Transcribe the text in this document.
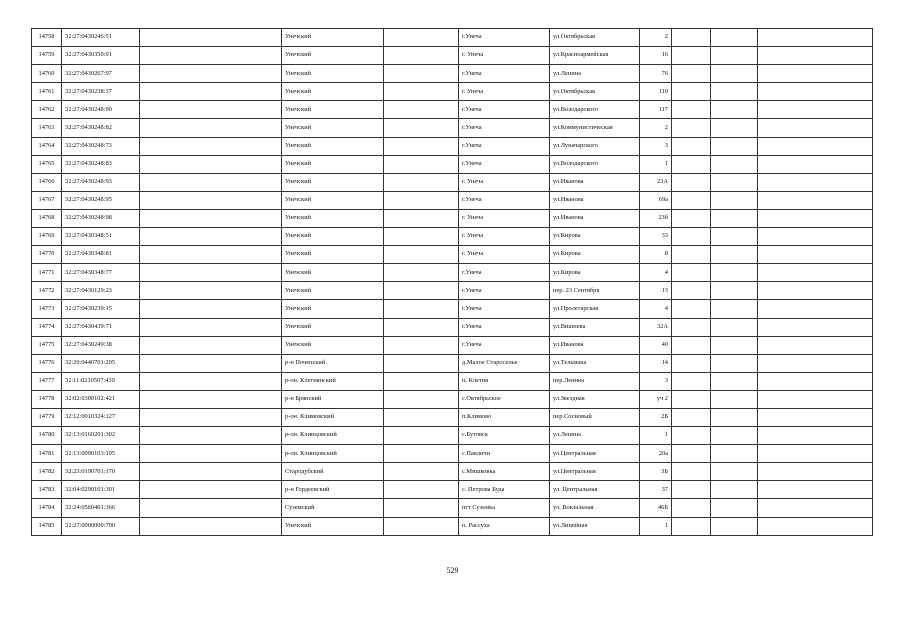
14758	32:27:0430246:51		Унечский		г.Унеча	ул.Октябрьская	2			
14759	32:27:0430350:91		Унечский		г. Унеча	ул.Красноармейская	16			
14760	32:27:0430267:97		Унечский		г.Унеча	ул.Ленина	76			
14761	32:27:0430238:37		Унечский		г. Унеча	ул.Октябрьская	110			
14762	32:27:0430248:90		Унечский		г.Унеча	ул.Володарского	117			
14763	32:27:0430248:82		Унечский		г.Унеча	ул.Коммунистическая	2			
14764	32:27:0430248:73		Унечский		г.Унеча	ул.Луначарского	3			
14765	32:27:0430248:83		Унечский		г.Унеча	ул.Володарского	1			
14766	32:27:0430248:93		Унечский		г. Унеча	ул.Иванова	23А			
14767	32:27:0430248:95		Унечский		г.Унеча	ул.Иванова	69а			
14768	32:27:0430248:98		Унечский		г. Унеча	ул.Иванова	23б			
14769	32:27:0430348:51		Унечский		г. Унеча	ул.Кирова	33			
14770	32:27:0430348:81		Унечский		г. Унеча	ул.Кирова	8			
14771	32:27:0430348:77		Унечский		г.Унеча	ул.Кирова	4			
14772	32:27:0430129:23		Унечский		г.Унеча	пер. 23 Сентября	13			
14773	32:27:0430239:15		Унечский		г.Унеча	ул.Пролетарская	4			
14774	32:27:0430439:71		Унечский		г.Унеча	ул.Вишнева	32А			
14775	32:27:0430249:38		Унечский		г.Унеча	ул.Иванова	40			
14776	32:20:0440701:205		р-н Почепский		д.Малое Староселье	ул.Тельмана	14			
14777	32:11:0210507:439		р-он. Клетнянский		п. Клетня	пер.Ленина	3			
14778	32:02:0300102:421		р-н Брянский		с.Октябрьское	ул.Звездная	уч 2			
14779	32:12:0010324:127		р-он. Климовский		п.Климово	пер.Сосновый	2Б			
14780	32:13:0160201:302		р-он. Клинцовский		с.Бутовск	ул.Ленина	1			
14781	32:13:0090103:195		р-он. Клинцовский		с.Павличи	ул.Центральная	20а			
14782	32:23:0190701:170		Стародубский		с.Мишковка	ул.Центральная	3Б			
14783	32:04:0290101:301		р-н Гордеевский		с. Петрова Буда	ул. Центральная	37			
14784	32:24:0560401:366		Суземский		пгт Суземка	ул. Вокзальная	46Б			
14785	32:27:0000000:700		Унечский		п. Рассуха	ул.Линейная	1			
529
